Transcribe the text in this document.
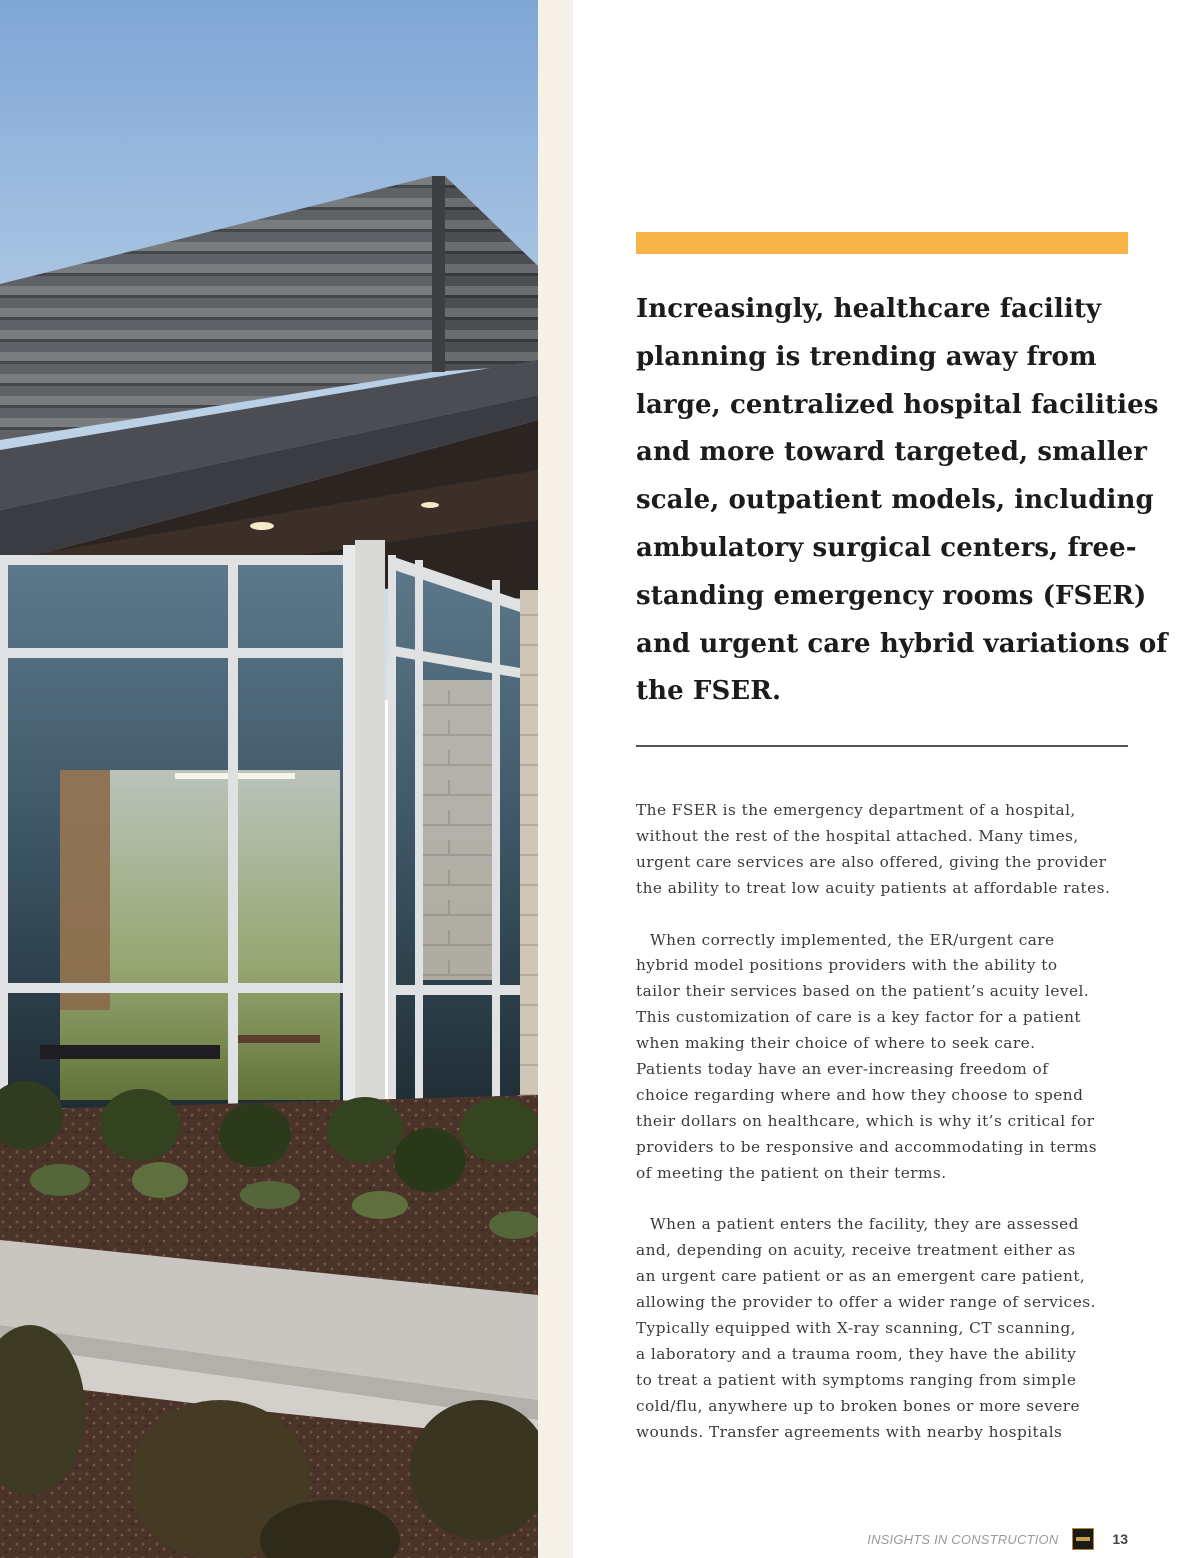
Increasingly, healthcare facility
planning is trending away from
large, centralized hospital facilities
and more toward targeted, smaller
scale, outpatient models, including
ambulatory surgical centers, free-
standing emergency rooms (FSER)
and urgent care hybrid variations of
the FSER.

The FSER is the emergency department of a hospital,
without the rest of the hospital attached. Many times,
urgent care services are also offered, giving the provider
the ability to treat low acuity patients at affordable rates.

When correctly implemented, the ER/urgent care
hybrid model positions providers with the ability to
tailor their services based on the patient’s acuity level.
This customization of care is a key factor for a patient
when making their choice of where to seek care.
Patients today have an ever-increasing freedom of
choice regarding where and how they choose to spend
their dollars on healthcare, which is why it’s critical for
providers to be responsive and accommodating in terms
of meeting the patient on their terms.

When a patient enters the facility, they are assessed
and, depending on acuity, receive treatment either as
an urgent care patient or as an emergent care patient,
allowing the provider to offer a wider range of services.
Typically equipped with X-ray scanning, CT scanning,
a laboratory and a trauma room, they have the ability
to treat a patient with symptoms ranging from simple
cold/flu, anywhere up to broken bones or more severe
wounds. Transfer agreements with nearby hospitals

INSIGHTS IN CONSTRUCTION	13
